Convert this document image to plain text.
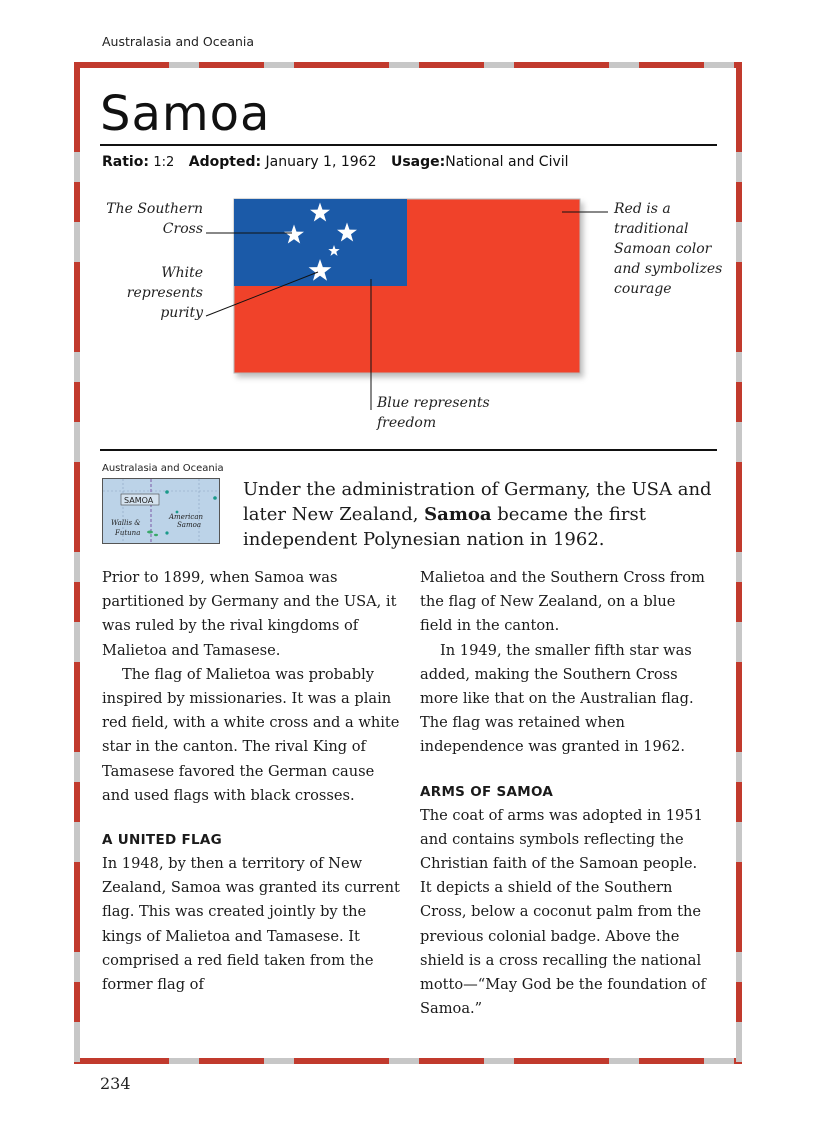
Australasia and Oceania
Samoa
Ratio: 1:2 Adopted: January 1, 1962 Usage:National and Civil
The Southern
Cross
White
represents
purity
Red is a
traditional
Samoan color
and symbolizes
courage
Blue represents
freedom
Australasia and Oceania
SAMOA
American
Samoa
Wallis &
Futuna
Under the administration of Germany, the USA and later New Zealand, Samoa became the first independent Polynesian nation in 1962.

Prior to 1899, when Samoa was partitioned by Germany and the USA, it was ruled by the rival kingdoms of Malietoa and Tamasese.

The flag of Malietoa was probably inspired by missionaries. It was a plain red field, with a white cross and a white star in the canton. The rival King of Tamasese favored the German cause and used flags with black crosses.

A UNITED FLAG

In 1948, by then a territory of New Zealand, Samoa was granted its current flag. This was created jointly by the kings of Malietoa and Tamasese. It comprised a red field taken from the former flag of

Malietoa and the Southern Cross from the flag of New Zealand, on a blue field in the canton.

In 1949, the smaller fifth star was added, making the Southern Cross more like that on the Australian flag. The flag was retained when independence was granted in 1962.

ARMS OF SAMOA

The coat of arms was adopted in 1951 and contains symbols reflecting the Christian faith of the Samoan people. It depicts a shield of the Southern Cross, below a coconut palm from the previous colonial badge. Above the shield is a cross recalling the national motto—“May God be the foundation of Samoa.”

234
